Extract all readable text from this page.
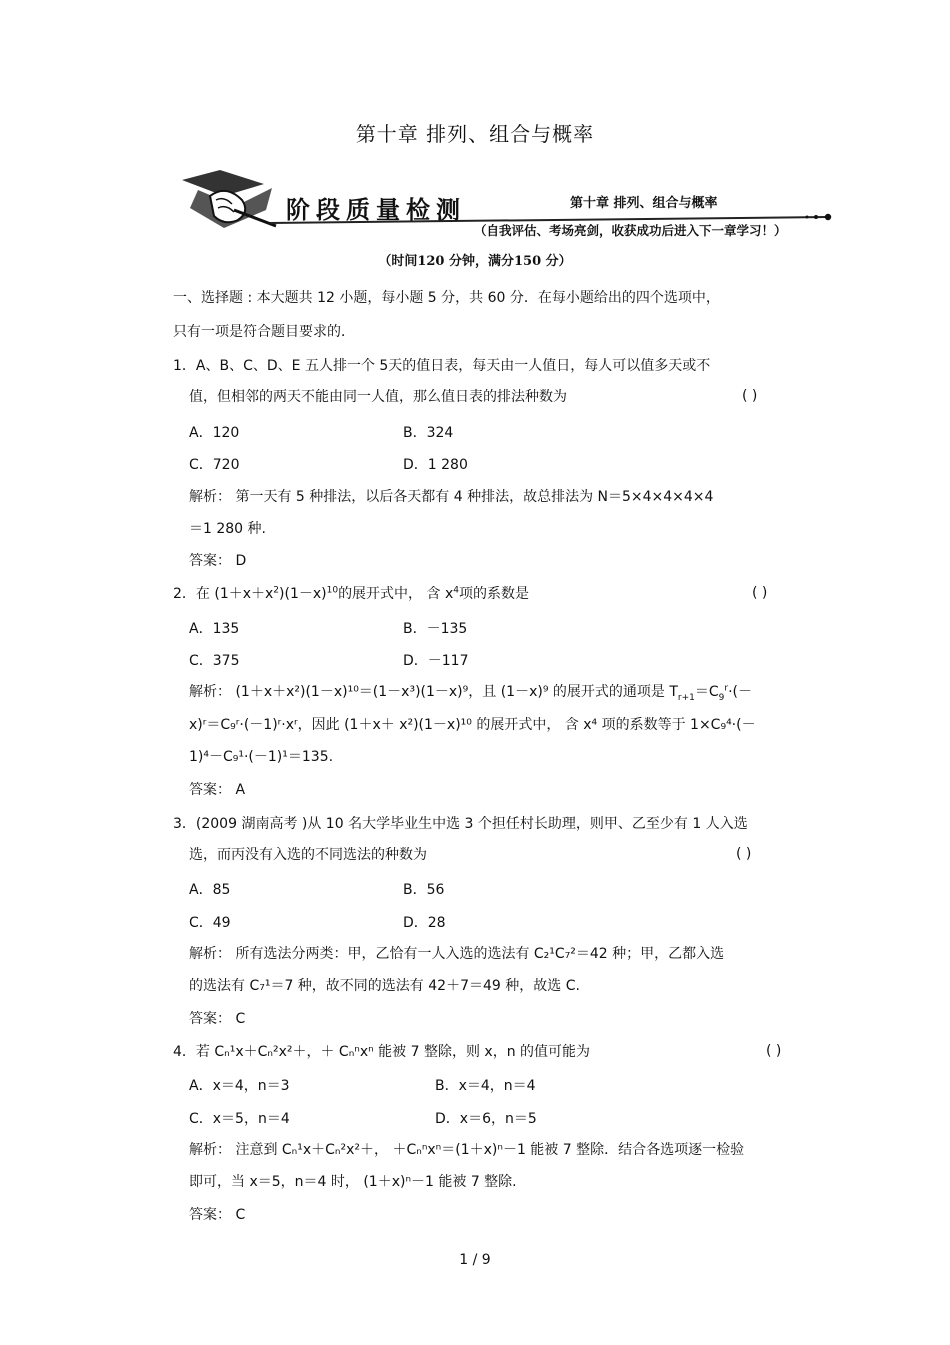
第十章 排列、组合与概率
阶段质量检测	第十章 排列、组合与概率
（自我评估、考场亮剑，收获成功后进入下一章学习！）
（时间120 分钟，满分150 分）
一、选择题 : 本大题共 12 小题，每小题 5 分，共 60 分．在每小题给出的四个选项中，
只有一项是符合题目要求的．
1．A、B、C、D、E 五人排一个 5天的值日表，每天由一人值日，每人可以值多天或不
值，但相邻的两天不能由同一人值，那么值日表的排法种数为	( )
A．120	B．324
C．720	D．1 280
解析： 第一天有 5 种排法，以后各天都有 4 种排法，故总排法为 N＝5×4×4×4×4
＝1 280 种.
答案： D
2．在 $(1+x+x^2)(1-x)^{10}$的展开式中， 含 $x^4$项的系数是	( )
A．135	B．－135
C．375	D．－117
解析： (1＋x＋x²)(1－x)¹⁰＝(1－x³)(1－x)⁹，且 (1－x)⁹ 的展开式的通项是 $T_{r+1}=C_9^r\cdot(-$
x)ʳ＝C₉ʳ·(－1)ʳ·xʳ，因此 (1＋x＋ x²)(1－x)¹⁰ 的展开式中， 含 x⁴ 项的系数等于 1×C₉⁴·(－
1)⁴－C₉¹·(－1)¹＝135.
答案： A
3．(2009 湖南高考 )从 10 名大学毕业生中选 3 个担任村长助理，则甲、乙至少有 1 人入选
选，而丙没有入选的不同选法的种数为	( )
A．85	B．56
C．49	D．28
解析： 所有选法分两类：甲，乙恰有一人入选的选法有 C₂¹C₇²＝42 种；甲，乙都入选
的选法有 C₇¹＝7 种，故不同的选法有 42＋7＝49 种，故选 C.
答案： C
4．若 Cₙ¹x＋Cₙ²x²＋，＋ Cₙⁿxⁿ 能被 7 整除，则 x，n 的值可能为	( )
A．x＝4，n＝3	B．x＝4，n＝4
C．x＝5，n＝4	D．x＝6，n＝5
解析： 注意到 Cₙ¹x＋Cₙ²x²＋， ＋Cₙⁿxⁿ＝(1＋x)ⁿ－1 能被 7 整除．结合各选项逐一检验
即可，当 x＝5，n＝4 时， (1＋x)ⁿ－1 能被 7 整除.
答案： C
1 / 9
